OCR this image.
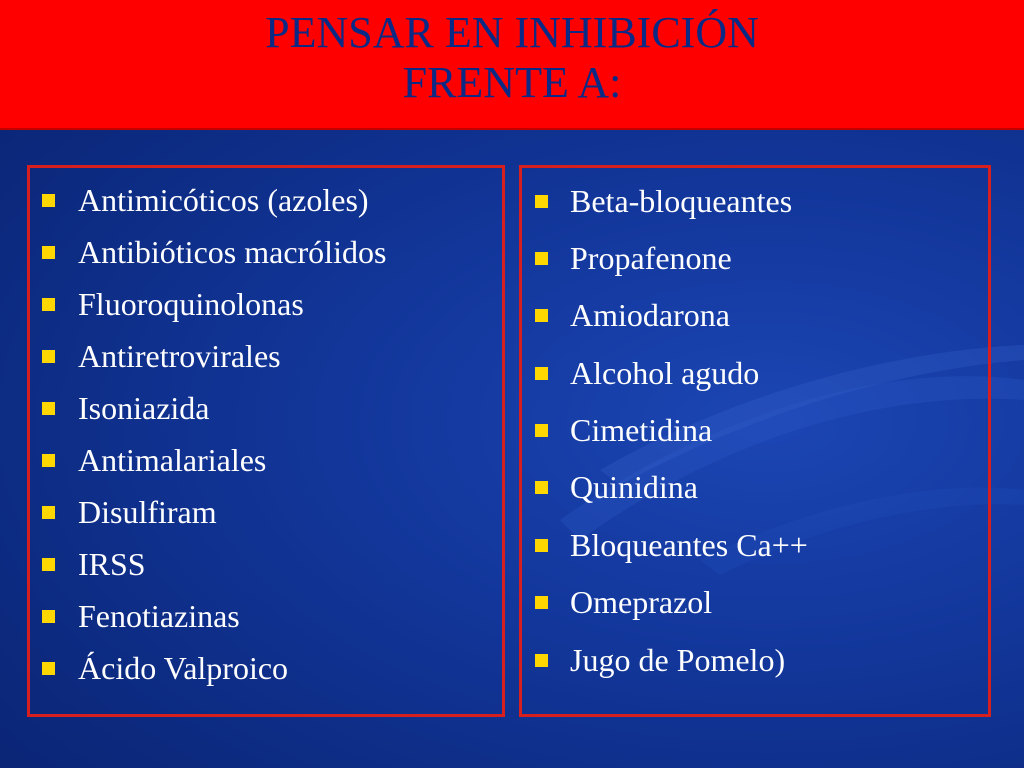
PENSAR EN INHIBICIÓN
FRENTE A:
Antimicóticos (azoles)
Antibióticos macrólidos
Fluoroquinolonas
Antiretrovirales
Isoniazida
Antimalariales
Disulfiram
IRSS
Fenotiazinas
Ácido Valproico
Beta-bloqueantes
Propafenone
Amiodarona
Alcohol agudo
Cimetidina
Quinidina
Bloqueantes Ca++
Omeprazol
Jugo de Pomelo)
